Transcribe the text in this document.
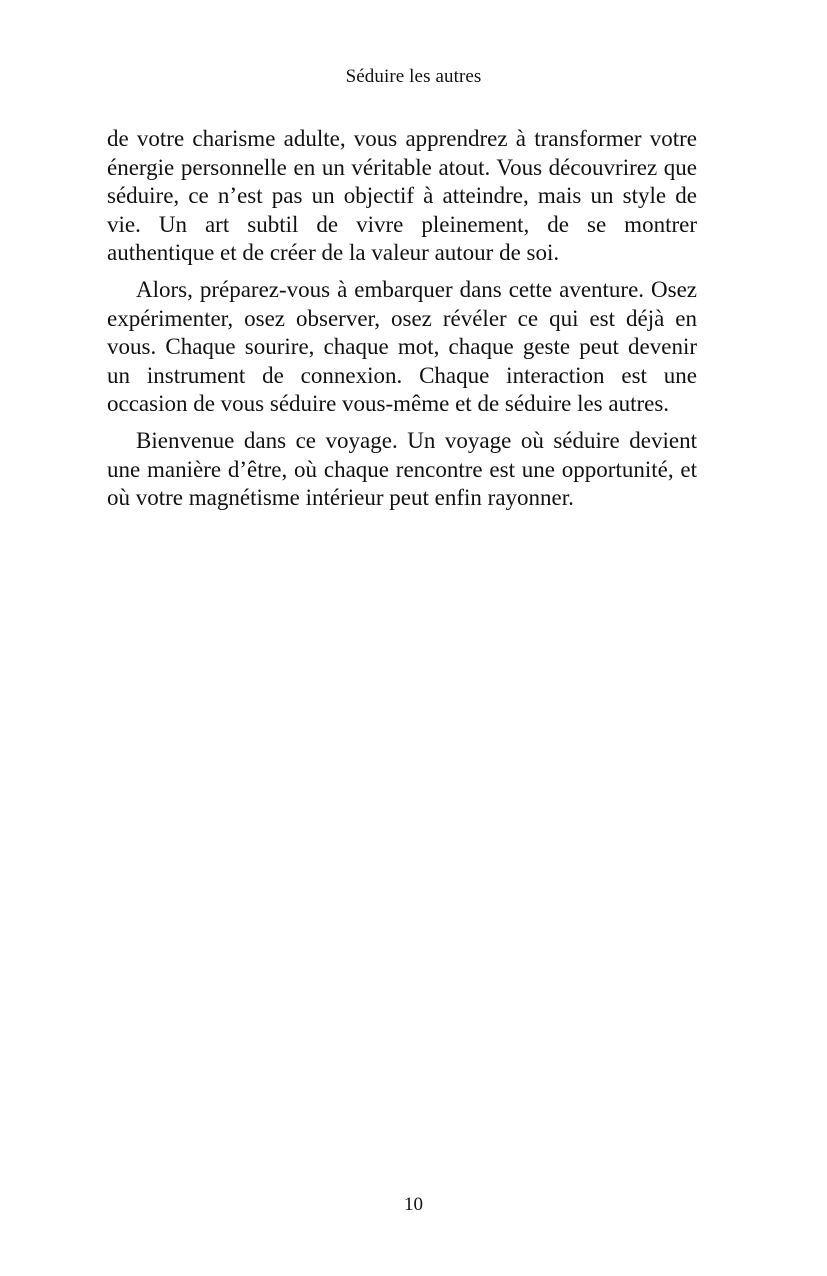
Séduire les autres

de votre charisme adulte, vous apprendrez à transformer votre énergie personnelle en un véritable atout. Vous découvrirez que séduire, ce n’est pas un objectif à atteindre, mais un style de vie. Un art subtil de vivre pleinement, de se montrer authentique et de créer de la valeur autour de soi.

Alors, préparez-vous à embarquer dans cette aventure. Osez expérimenter, osez observer, osez révéler ce qui est déjà en vous. Chaque sourire, chaque mot, chaque geste peut devenir un instrument de connexion. Chaque interaction est une occasion de vous séduire vous-même et de séduire les autres.

Bienvenue dans ce voyage. Un voyage où séduire devient une manière d’être, où chaque rencontre est une opportunité, et où votre magnétisme intérieur peut enfin rayonner.

10
